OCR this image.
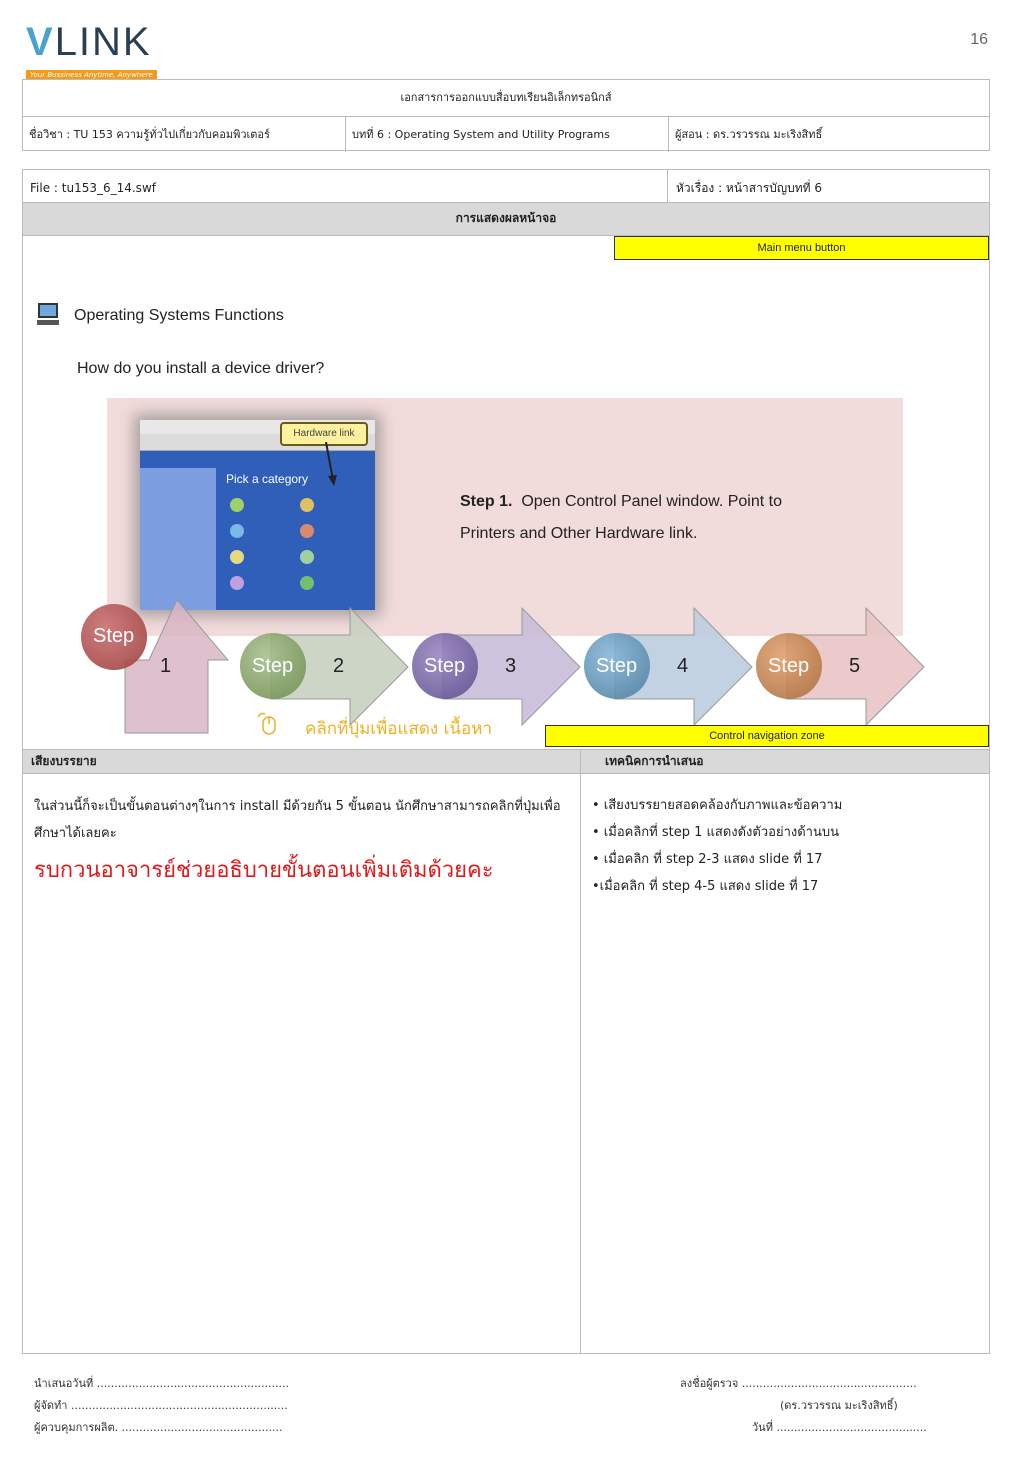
VLINK
Your Bussiness Anytime, Anywhere
16
เอกสารการออกแบบสื่อบทเรียนอิเล็กทรอนิกส์
ชื่อวิชา : TU 153 ความรู้ทั่วไปเกี่ยวกับคอมพิวเตอร์	บทที่ 6 : Operating System and Utility Programs	ผู้สอน : ดร.วรวรรณ มะเริงสิทธิ์
File : tu153_6_14.swf	หัวเรื่อง : หน้าสารบัญบทที่ 6
การแสดงผลหน้าจอ
Main menu button
Operating Systems Functions
How do you install a device driver?
Pick a category
Hardware link
Step 1. Open Control Panel window. Point to
Printers and Other Hardware link.
Step
1	Step 2	Step 3	Step 4	Step 5
คลิกที่ปุ่มเพื่อแสดง เนื้อหา	Control navigation zone
เสียงบรรยาย	เทคนิคการนำเสนอ
ในส่วนนี้ก็จะเป็นขั้นตอนต่างๆในการ install มีด้วยกัน 5 ขั้นตอน นักศึกษาสามารถคลิกที่ปุ่มเพื่อศึกษาได้เลยคะ
รบกวนอาจารย์ช่วยอธิบายขั้นตอนเพิ่มเติมด้วยคะ
• เสียงบรรยายสอดคล้องกับภาพและข้อความ
• เมื่อคลิกที่ step 1 แสดงดังตัวอย่างด้านบน
• เมื่อคลิก ที่ step 2-3 แสดง slide ที่ 17
•เมื่อคลิก ที่ step 4-5 แสดง slide ที่ 17
นำเสนอวันที่ .......................................................
ผู้จัดทำ ..............................................................
ผู้ควบคุมการผลิต. ..............................................
ลงชื่อผู้ตรวจ ..................................................
(ดร.วรวรรณ มะเริงสิทธิ์)
วันที่ ...........................................
